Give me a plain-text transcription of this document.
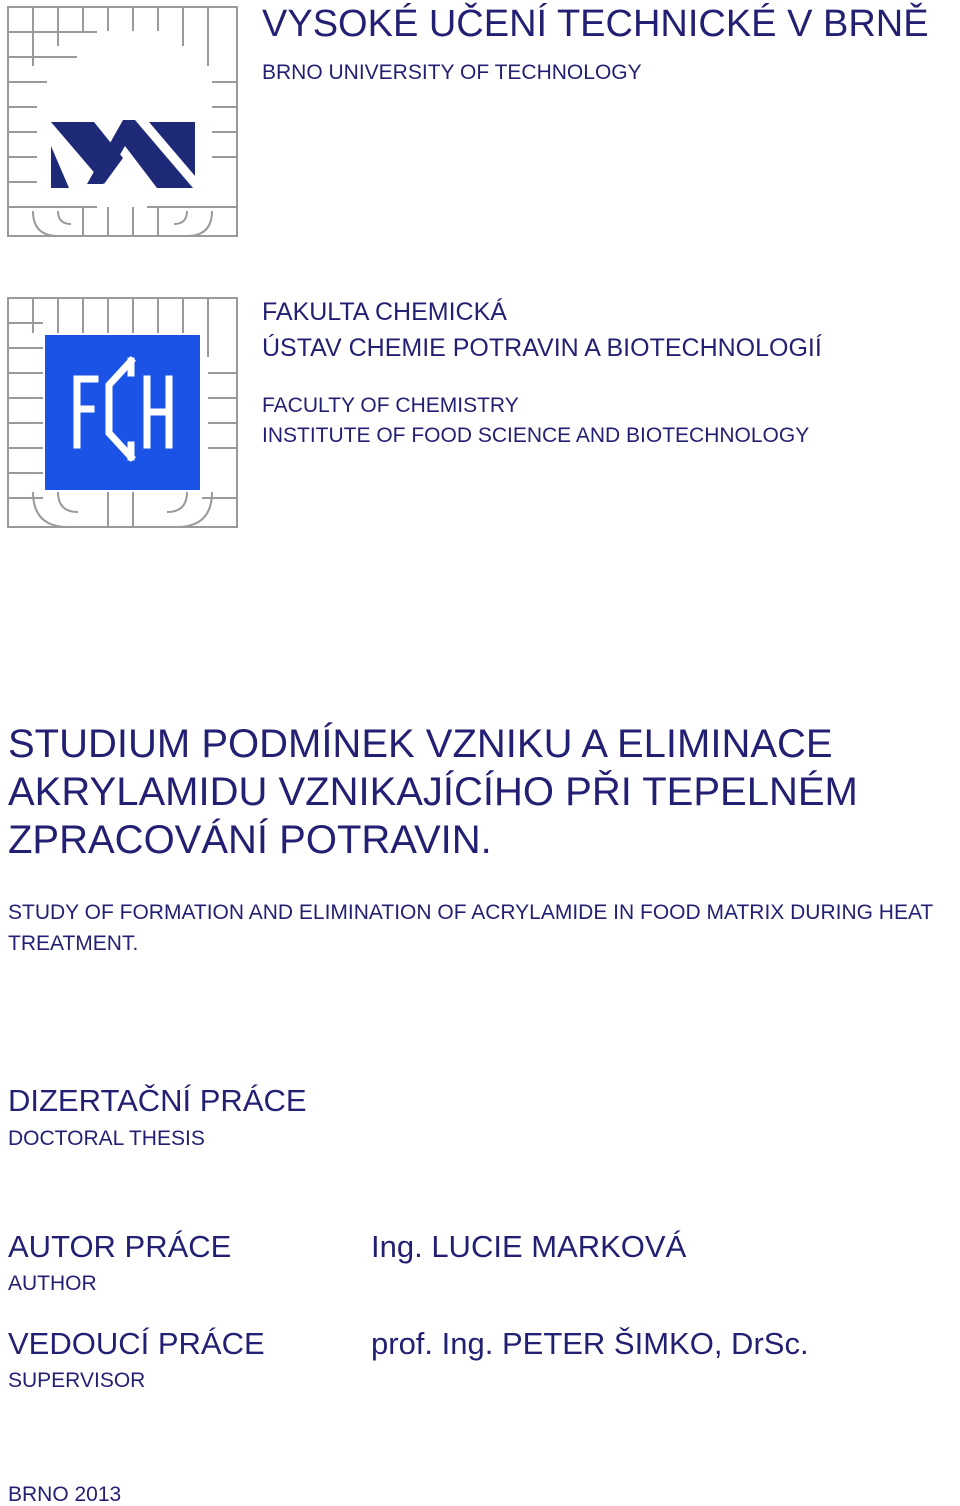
VYSOKÉ UČENÍ TECHNICKÉ V BRNĚ
BRNO UNIVERSITY OF TECHNOLOGY
FAKULTA CHEMICKÁ
ÚSTAV CHEMIE POTRAVIN A BIOTECHNOLOGIÍ
FACULTY OF CHEMISTRY
INSTITUTE OF FOOD SCIENCE AND BIOTECHNOLOGY
STUDIUM PODMÍNEK VZNIKU A ELIMINACE AKRYLAMIDU VZNIKAJÍCÍHO PŘI TEPELNÉM ZPRACOVÁNÍ POTRAVIN.
STUDY OF FORMATION AND ELIMINATION OF ACRYLAMIDE IN FOOD MATRIX DURING HEAT TREATMENT.
DIZERTAČNÍ PRÁCE
DOCTORAL THESIS
AUTOR PRÁCE
AUTHOR
Ing. LUCIE MARKOVÁ
VEDOUCÍ PRÁCE
SUPERVISOR
prof. Ing. PETER ŠIMKO, DrSc.
BRNO 2013
